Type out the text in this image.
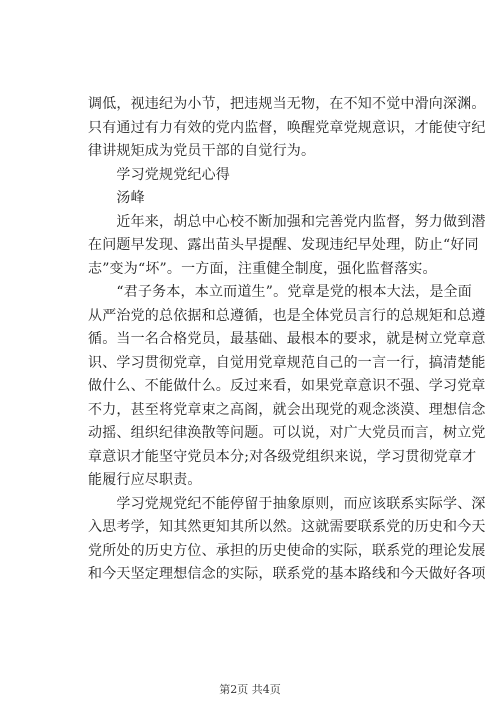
调低，视违纪为小节，把违规当无物，在不知不觉中滑向深渊。
只有通过有力有效的党内监督，唤醒党章党规意识，才能使守纪
律讲规矩成为党员干部的自觉行为。
　　学习党规党纪心得
　　汤峰
　　近年来，胡总中心校不断加强和完善党内监督，努力做到潜
在问题早发现、露出苗头早提醒、发现违纪早处理，防止“好同
志”变为“坏”。一方面，注重健全制度，强化监督落实。
　　“君子务本，本立而道生”。党章是党的根本大法，是全面
从严治党的总依据和总遵循，也是全体党员言行的总规矩和总遵
循。当一名合格党员，最基础、最根本的要求，就是树立党章意
识、学习贯彻党章，自觉用党章规范自己的一言一行，搞清楚能
做什么、不能做什么。反过来看，如果党章意识不强、学习党章
不力，甚至将党章束之高阁，就会出现党的观念淡漠、理想信念
动摇、组织纪律涣散等问题。可以说，对广大党员而言，树立党
章意识才能坚守党员本分;对各级党组织来说，学习贯彻党章才
能履行应尽职责。
　　学习党规党纪不能停留于抽象原则，而应该联系实际学、深
入思考学，知其然更知其所以然。这就需要联系党的历史和今天
党所处的历史方位、承担的历史使命的实际，联系党的理论发展
和今天坚定理想信念的实际，联系党的基本路线和今天做好各项
第2页 共4页
